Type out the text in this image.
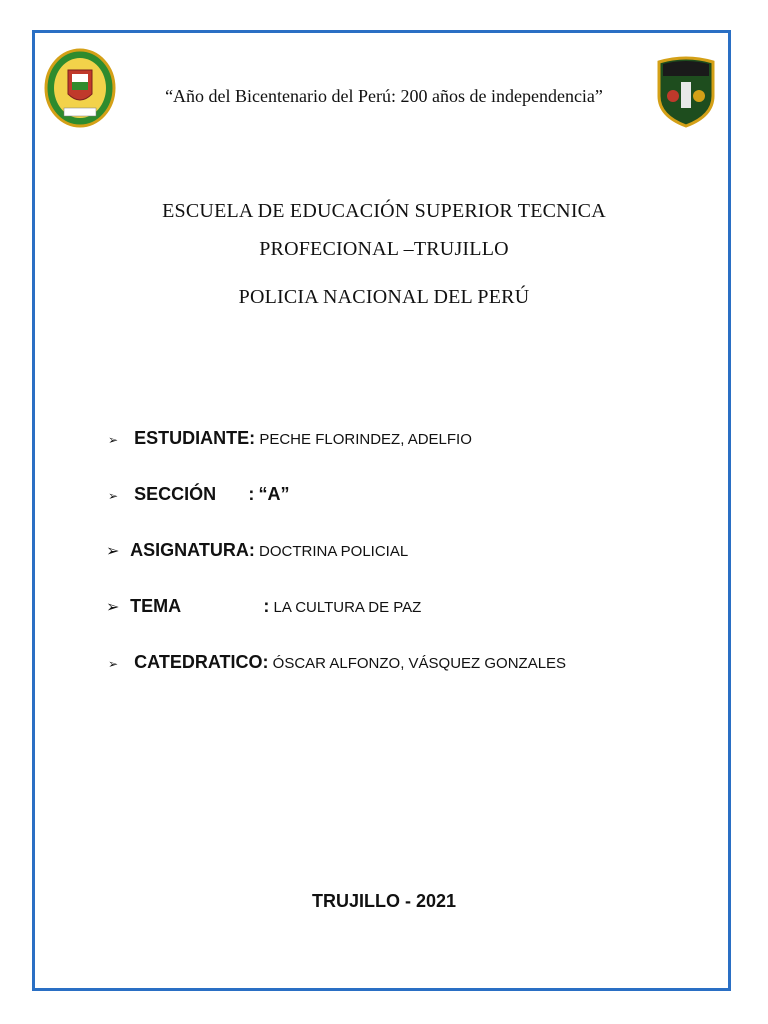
“Año del Bicentenario del Perú: 200 años de independencia”
ESCUELA DE EDUCACIÓN SUPERIOR TECNICA
PROFECIONAL –TRUJILLO
POLICIA NACIONAL DEL PERÚ
➢ ESTUDIANTE: PECHE FLORINDEZ, ADELFIO
➢ SECCIÓN : “A”
➢ ASIGNATURA: DOCTRINA POLICIAL
➢ TEMA	: LA CULTURA DE PAZ
➢ CATEDRATICO: ÓSCAR ALFONZO, VÁSQUEZ GONZALES
TRUJILLO - 2021
